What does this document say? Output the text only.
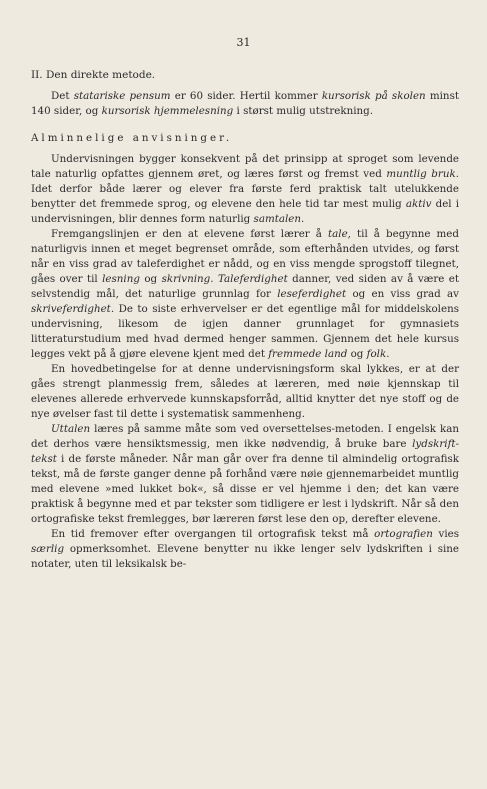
31

II. Den direkte metode.

Det statariske pensum er 60 sider. Hertil kommer kursorisk på skolen minst 140 sider, og kursorisk hjemmelesning i størst mulig utstrekning.

Alminnelige anvisninger.

Undervisningen bygger konsekvent på det prinsipp at sproget som levende tale naturlig opfattes gjennem øret, og læres først og fremst ved muntlig bruk. Idet derfor både lærer og elever fra første ferd praktisk talt utelukkende benytter det fremmede sprog, og elevene den hele tid tar mest mulig aktiv del i undervisningen, blir dennes form naturlig samtalen.

Fremgangslinjen er den at elevene først lærer å tale, til å begynne med naturligvis innen et meget begrenset område, som efterhånden utvides, og først når en viss grad av taleferdighet er nådd, og en viss mengde sprogstoff tilegnet, gåes over til lesning og skrivning. Taleferdighet danner, ved siden av å være et selvstendig mål, det naturlige grunnlag for leseferdighet og en viss grad av skriveferdighet. De to siste erhvervelser er det egentlige mål for middelskolens undervisning, likesom de igjen danner grunnlaget for gymnasiets litteraturstudium med hvad dermed henger sammen. Gjennem det hele kursus legges vekt på å gjøre elevene kjent med det fremmede land og folk.

En hovedbetingelse for at denne undervisningsform skal lykkes, er at der gåes strengt planmessig frem, således at læreren, med nøie kjennskap til elevenes allerede erhvervede kunnskapsforråd, alltid knytter det nye stoff og de nye øvelser fast til dette i systematisk sammenheng.

Uttalen læres på samme måte som ved oversettelses-metoden. I engelsk kan det derhos være hensiktsmessig, men ikke nødvendig, å bruke bare lydskrift-tekst i de første måneder. Når man går over fra denne til almindelig ortografisk tekst, må de første ganger denne på forhånd være nøie gjennemarbeidet muntlig med elevene »med lukket bok«, så disse er vel hjemme i den; det kan være praktisk å begynne med et par tekster som tidligere er lest i lydskrift. Når så den ortografiske tekst fremlegges, bør læreren først lese den op, derefter elevene.

En tid fremover efter overgangen til ortografisk tekst må ortografien vies særlig opmerksomhet. Elevene benytter nu ikke lenger selv lydskriften i sine notater, uten til leksikalsk be-
